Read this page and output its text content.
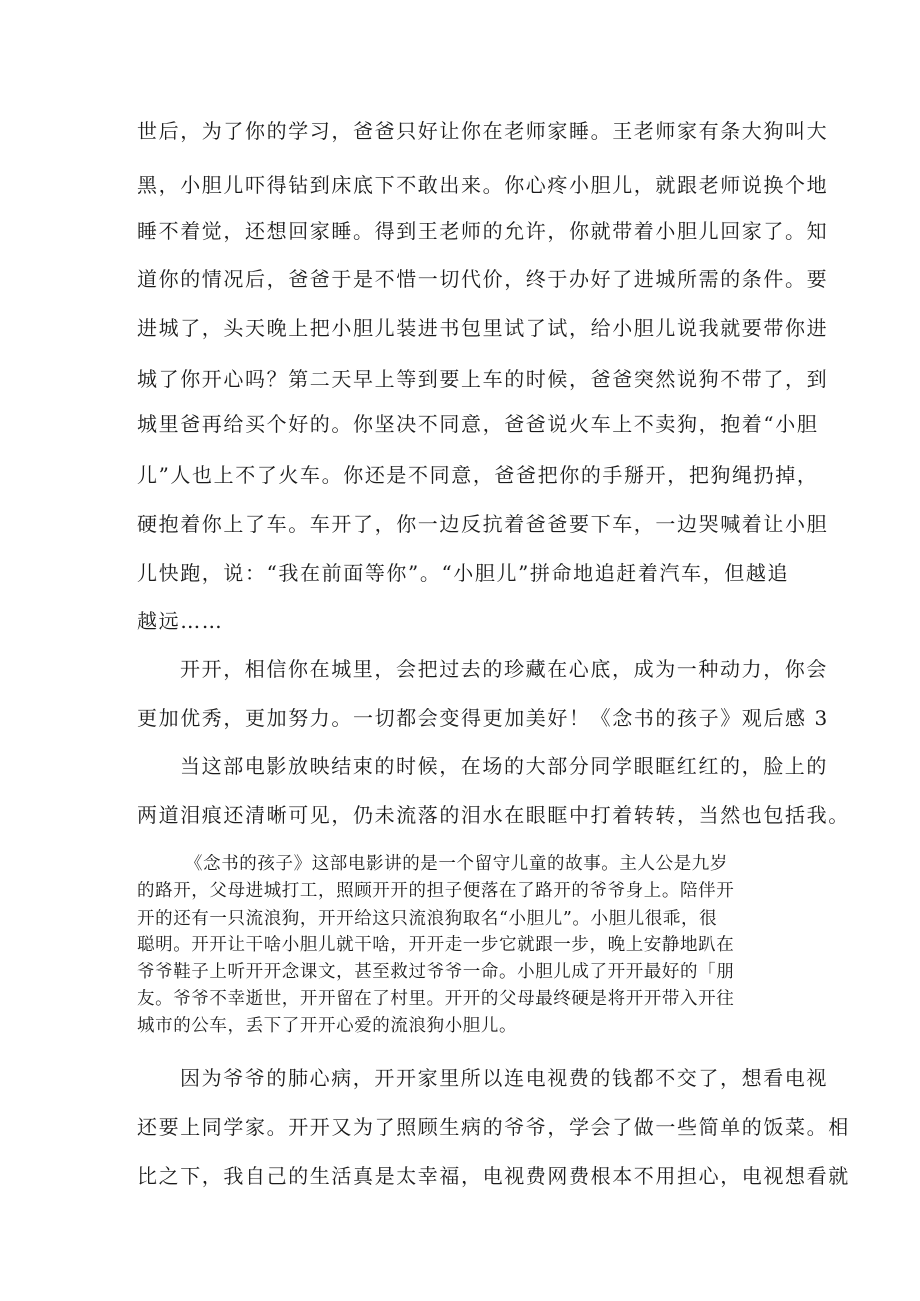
世后，为了你的学习，爸爸只好让你在老师家睡。王老师家有条大狗叫大
黑，小胆儿吓得钻到床底下不敢出来。你心疼小胆儿，就跟老师说换个地
睡不着觉，还想回家睡。得到王老师的允许，你就带着小胆儿回家了。知
道你的情况后，爸爸于是不惜一切代价，终于办好了进城所需的条件。要
进城了，头天晚上把小胆儿装进书包里试了试，给小胆儿说我就要带你进
城了你开心吗？第二天早上等到要上车的时候，爸爸突然说狗不带了，到
城里爸再给买个好的。你坚决不同意，爸爸说火车上不卖狗，抱着“小胆
儿”人也上不了火车。你还是不同意，爸爸把你的手掰开，把狗绳扔掉，
硬抱着你上了车。车开了，你一边反抗着爸爸要下车，一边哭喊着让小胆
儿快跑，说：“我在前面等你”。“小胆儿”拼命地追赶着汽车，但越追
越远……
开开，相信你在城里，会把过去的珍藏在心底，成为一种动力，你会
更加优秀，更加努力。一切都会变得更加美好！《念书的孩子》观后感 3
当这部电影放映结束的时候，在场的大部分同学眼眶红红的，脸上的
两道泪痕还清晰可见，仍未流落的泪水在眼眶中打着转转，当然也包括我。
《念书的孩子》这部电影讲的是一个留守儿童的故事。主人公是九岁
的路开，父母进城打工，照顾开开的担子便落在了路开的爷爷身上。陪伴开
开的还有一只流浪狗，开开给这只流浪狗取名“小胆儿”。小胆儿很乖，很
聪明。开开让干啥小胆儿就干啥，开开走一步它就跟一步，晚上安静地趴在
爷爷鞋子上听开开念课文，甚至救过爷爷一命。小胆儿成了开开最好的「朋
友。爷爷不幸逝世，开开留在了村里。开开的父母最终硬是将开开带入开往
城市的公车，丢下了开开心爱的流浪狗小胆儿。
因为爷爷的肺心病，开开家里所以连电视费的钱都不交了，想看电视
还要上同学家。开开又为了照顾生病的爷爷，学会了做一些简单的饭菜。相
比之下，我自己的生活真是太幸福，电视费网费根本不用担心，电视想看就
